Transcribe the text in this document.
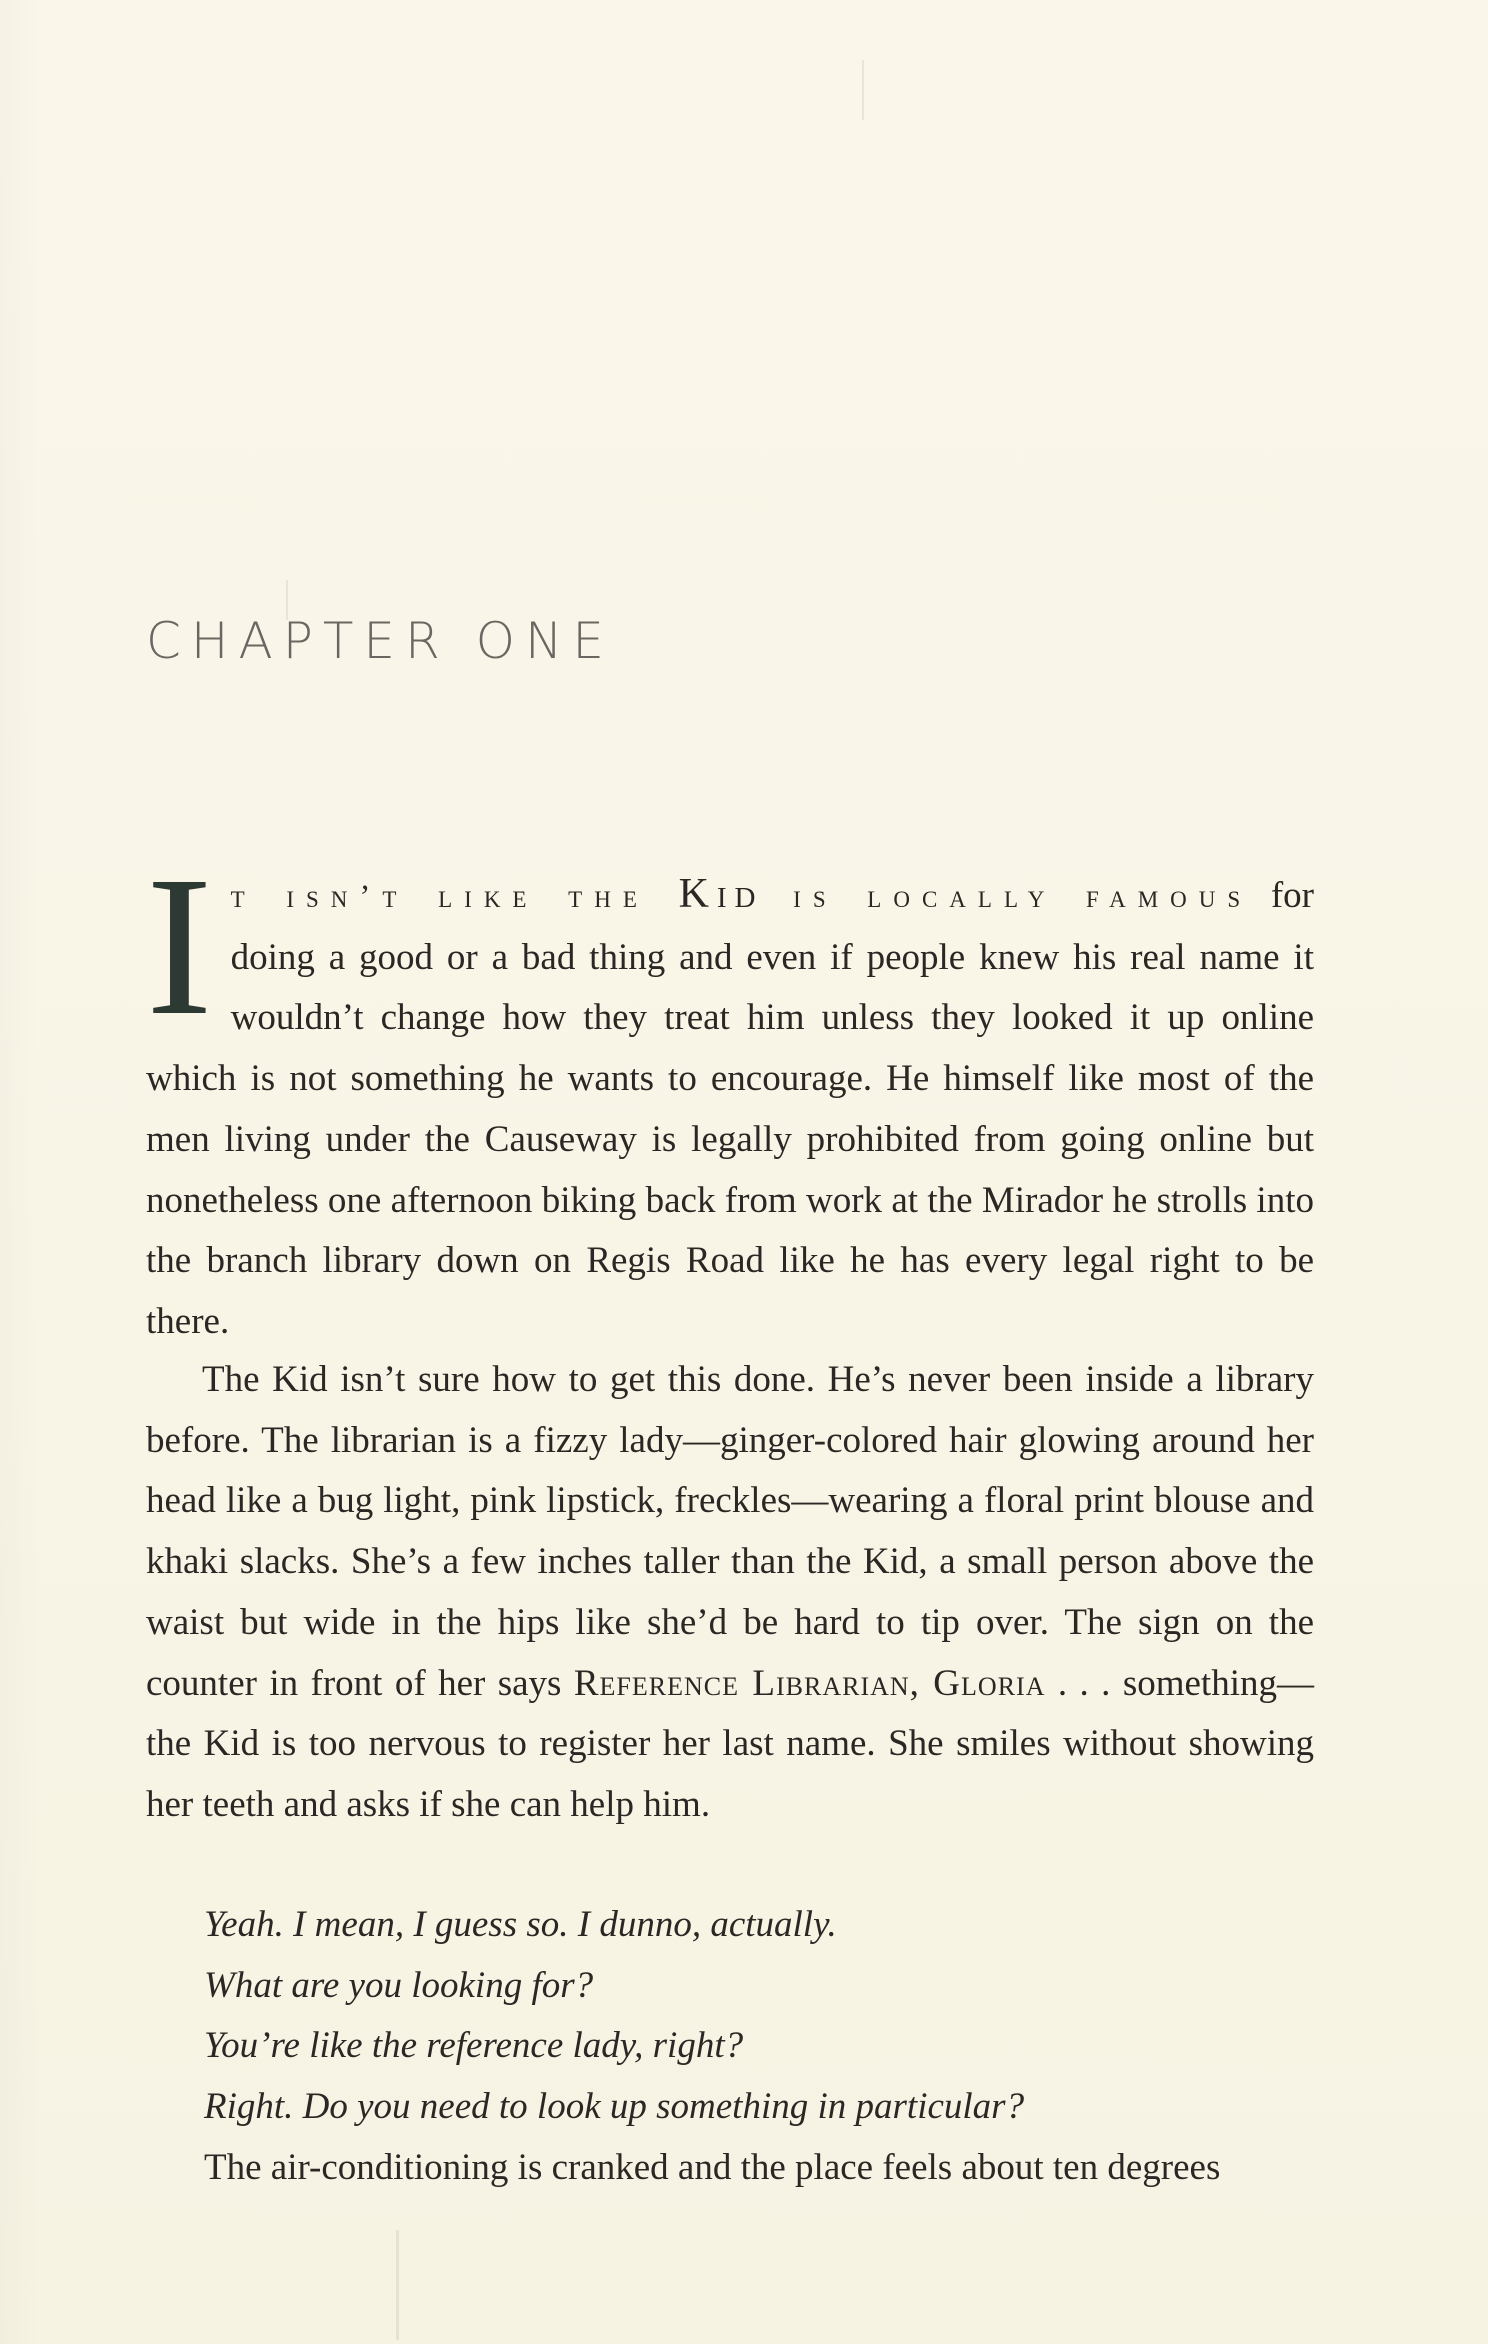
CHAPTER ONE
I t isn’t like the Kid is locally famous for doing a good or a bad thing and even if people knew his real name it wouldn’t change how they treat him unless they looked it up online which is not something he wants to encourage. He himself like most of the men living under the Causeway is legally prohibited from going online but nonetheless one afternoon biking back from work at the Mirador he strolls into the branch library down on Regis Road like he has every legal right to be there.
The Kid isn’t sure how to get this done. He’s never been inside a library before. The librarian is a fizzy lady—ginger-colored hair glowing around her head like a bug light, pink lipstick, freckles—wearing a floral print blouse and khaki slacks. She’s a few inches taller than the Kid, a small person above the waist but wide in the hips like she’d be hard to tip over. The sign on the counter in front of her says Reference Librarian, Gloria . . . something—the Kid is too nervous to register her last name. She smiles without showing her teeth and asks if she can help him.
Yeah. I mean, I guess so. I dunno, actually.
What are you looking for?
You’re like the reference lady, right?
Right. Do you need to look up something in particular?
The air-conditioning is cranked and the place feels about ten degrees
